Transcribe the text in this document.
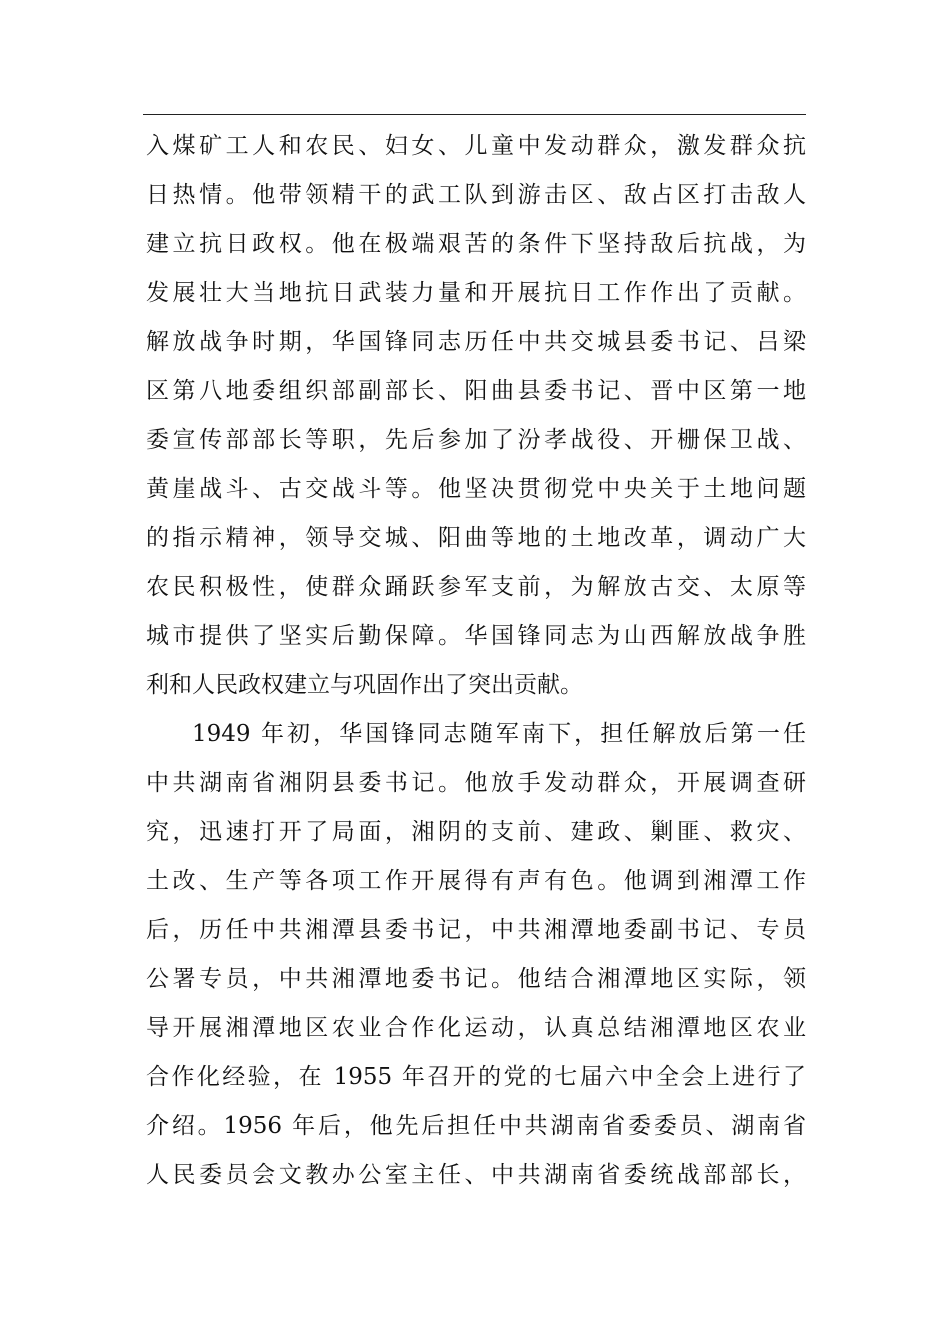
入煤矿工人和农民、妇女、儿童中发动群众，激发群众抗
日热情。他带领精干的武工队到游击区、敌占区打击敌人
建立抗日政权。他在极端艰苦的条件下坚持敌后抗战，为
发展壮大当地抗日武装力量和开展抗日工作作出了贡献。
解放战争时期，华国锋同志历任中共交城县委书记、吕梁
区第八地委组织部副部长、阳曲县委书记、晋中区第一地
委宣传部部长等职，先后参加了汾孝战役、开栅保卫战、
黄崖战斗、古交战斗等。他坚决贯彻党中央关于土地问题
的指示精神，领导交城、阳曲等地的土地改革，调动广大
农民积极性，使群众踊跃参军支前，为解放古交、太原等
城市提供了坚实后勤保障。华国锋同志为山西解放战争胜
利和人民政权建立与巩固作出了突出贡献。
1949 年初，华国锋同志随军南下，担任解放后第一任
中共湖南省湘阴县委书记。他放手发动群众，开展调查研
究，迅速打开了局面，湘阴的支前、建政、剿匪、救灾、
土改、生产等各项工作开展得有声有色。他调到湘潭工作
后，历任中共湘潭县委书记，中共湘潭地委副书记、专员
公署专员，中共湘潭地委书记。他结合湘潭地区实际，领
导开展湘潭地区农业合作化运动，认真总结湘潭地区农业
合作化经验，在 1955 年召开的党的七届六中全会上进行了
介绍。1956 年后，他先后担任中共湖南省委委员、湖南省
人民委员会文教办公室主任、中共湖南省委统战部部长，
